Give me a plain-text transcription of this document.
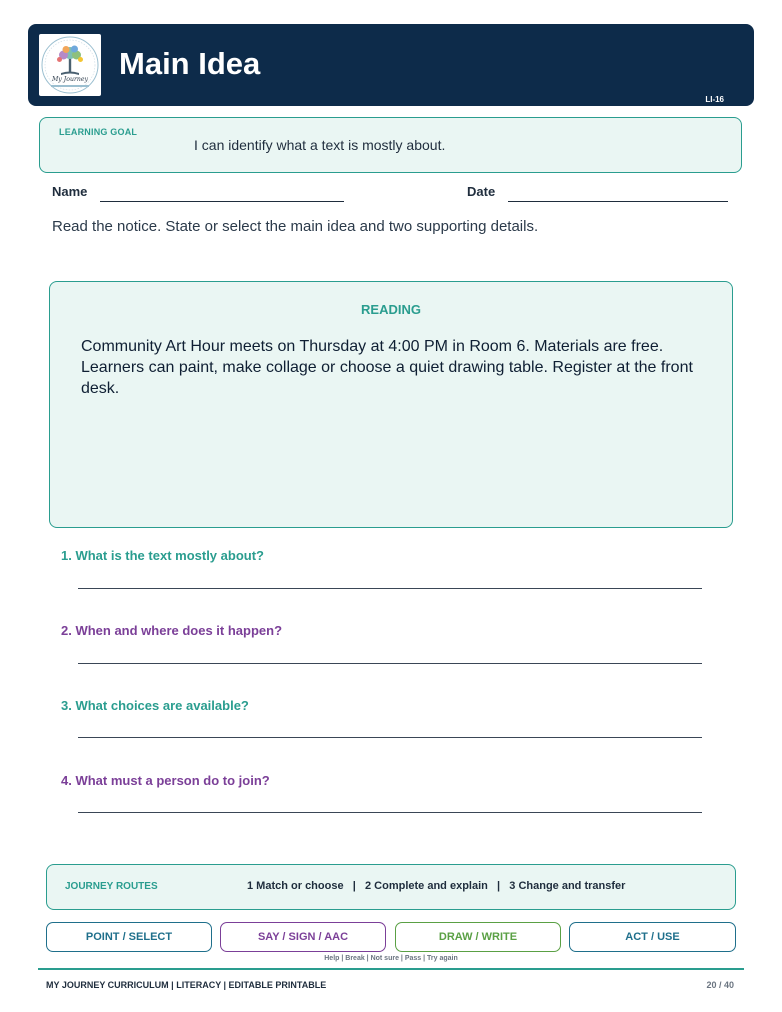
My Journey Main Idea
LI-16
LEARNING GOAL
I can identify what a text is mostly about.
Name	Date
Read the notice. State or select the main idea and two supporting details.
READING
Community Art Hour meets on Thursday at 4:00 PM in Room 6. Materials are free. Learners can paint, make collage or choose a quiet drawing table. Register at the front desk.
1. What is the text mostly about?
2. When and where does it happen?
3. What choices are available?
4. What must a person do to join?
JOURNEY ROUTES	1 Match or choose   |   2 Complete and explain   |   3 Change and transfer
POINT / SELECT	SAY / SIGN / AAC	DRAW / WRITE	ACT / USE
Help | Break | Not sure | Pass | Try again
MY JOURNEY CURRICULUM | LITERACY | EDITABLE PRINTABLE	20 / 40
